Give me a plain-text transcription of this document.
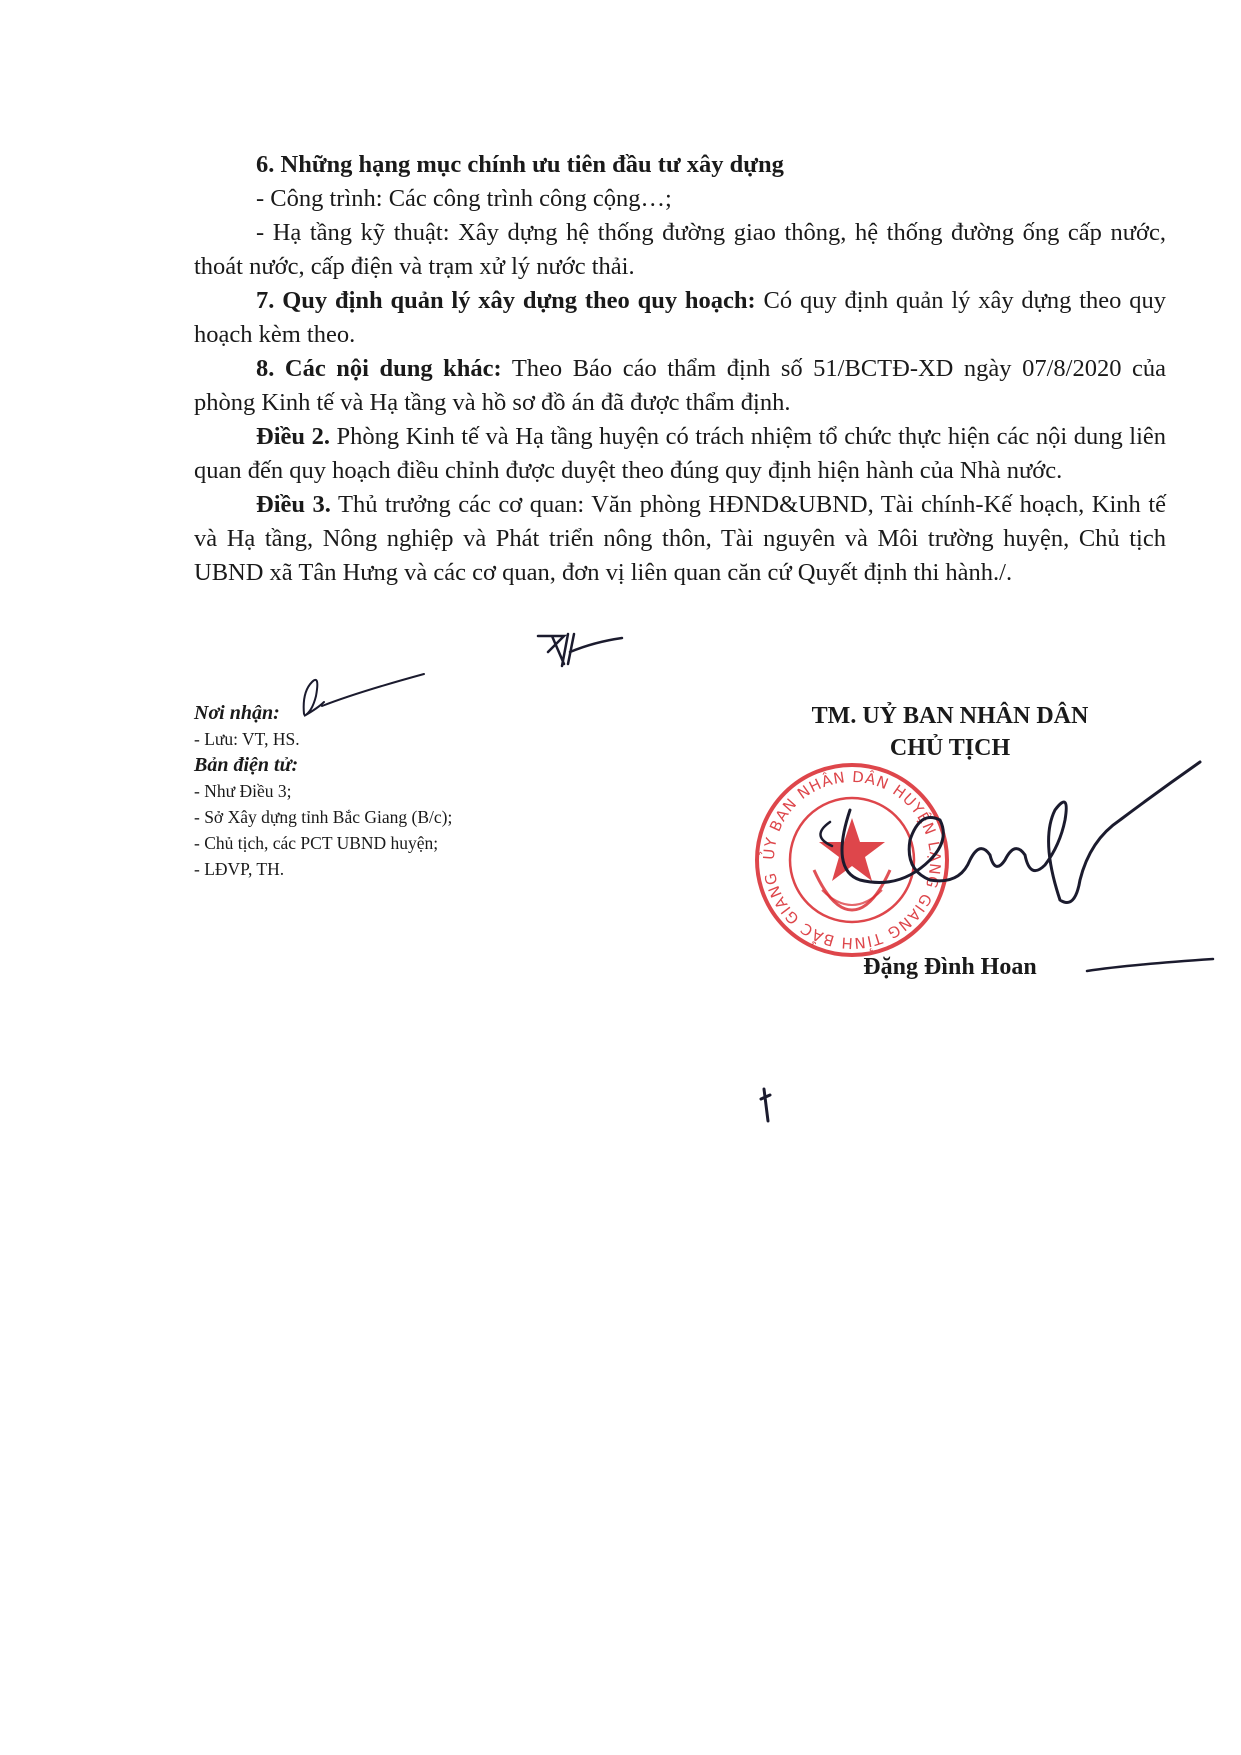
6. Những hạng mục chính ưu tiên đầu tư xây dựng

- Công trình: Các công trình công cộng…;

- Hạ tầng kỹ thuật: Xây dựng hệ thống đường giao thông, hệ thống đường ống cấp nước, thoát nước, cấp điện và trạm xử lý nước thải.

7. Quy định quản lý xây dựng theo quy hoạch: Có quy định quản lý xây dựng theo quy hoạch kèm theo.

8. Các nội dung khác: Theo Báo cáo thẩm định số 51/BCTĐ-XD ngày 07/8/2020 của phòng Kinh tế và Hạ tầng và hồ sơ đồ án đã được thẩm định.

Điều 2. Phòng Kinh tế và Hạ tầng huyện có trách nhiệm tổ chức thực hiện các nội dung liên quan đến quy hoạch điều chỉnh được duyệt theo đúng quy định hiện hành của Nhà nước.

Điều 3. Thủ trưởng các cơ quan: Văn phòng HĐND&UBND, Tài chính-Kế hoạch, Kinh tế và Hạ tầng, Nông nghiệp và Phát triển nông thôn, Tài nguyên và Môi trường huyện, Chủ tịch UBND xã Tân Hưng và các cơ quan, đơn vị liên quan căn cứ Quyết định thi hành./.

Nơi nhận:

- Lưu: VT, HS.

Bản điện tử:

- Như Điều 3;

- Sở Xây dựng tỉnh Bắc Giang (B/c);

- Chủ tịch, các PCT UBND huyện;

- LĐVP, TH.

TM. UỶ BAN NHÂN DÂN
CHỦ TỊCH
ỦY BAN NHÂN DÂN HUYỆN LẠNG GIANG TỈNH BẮC GIANG
Đặng Đình Hoan
